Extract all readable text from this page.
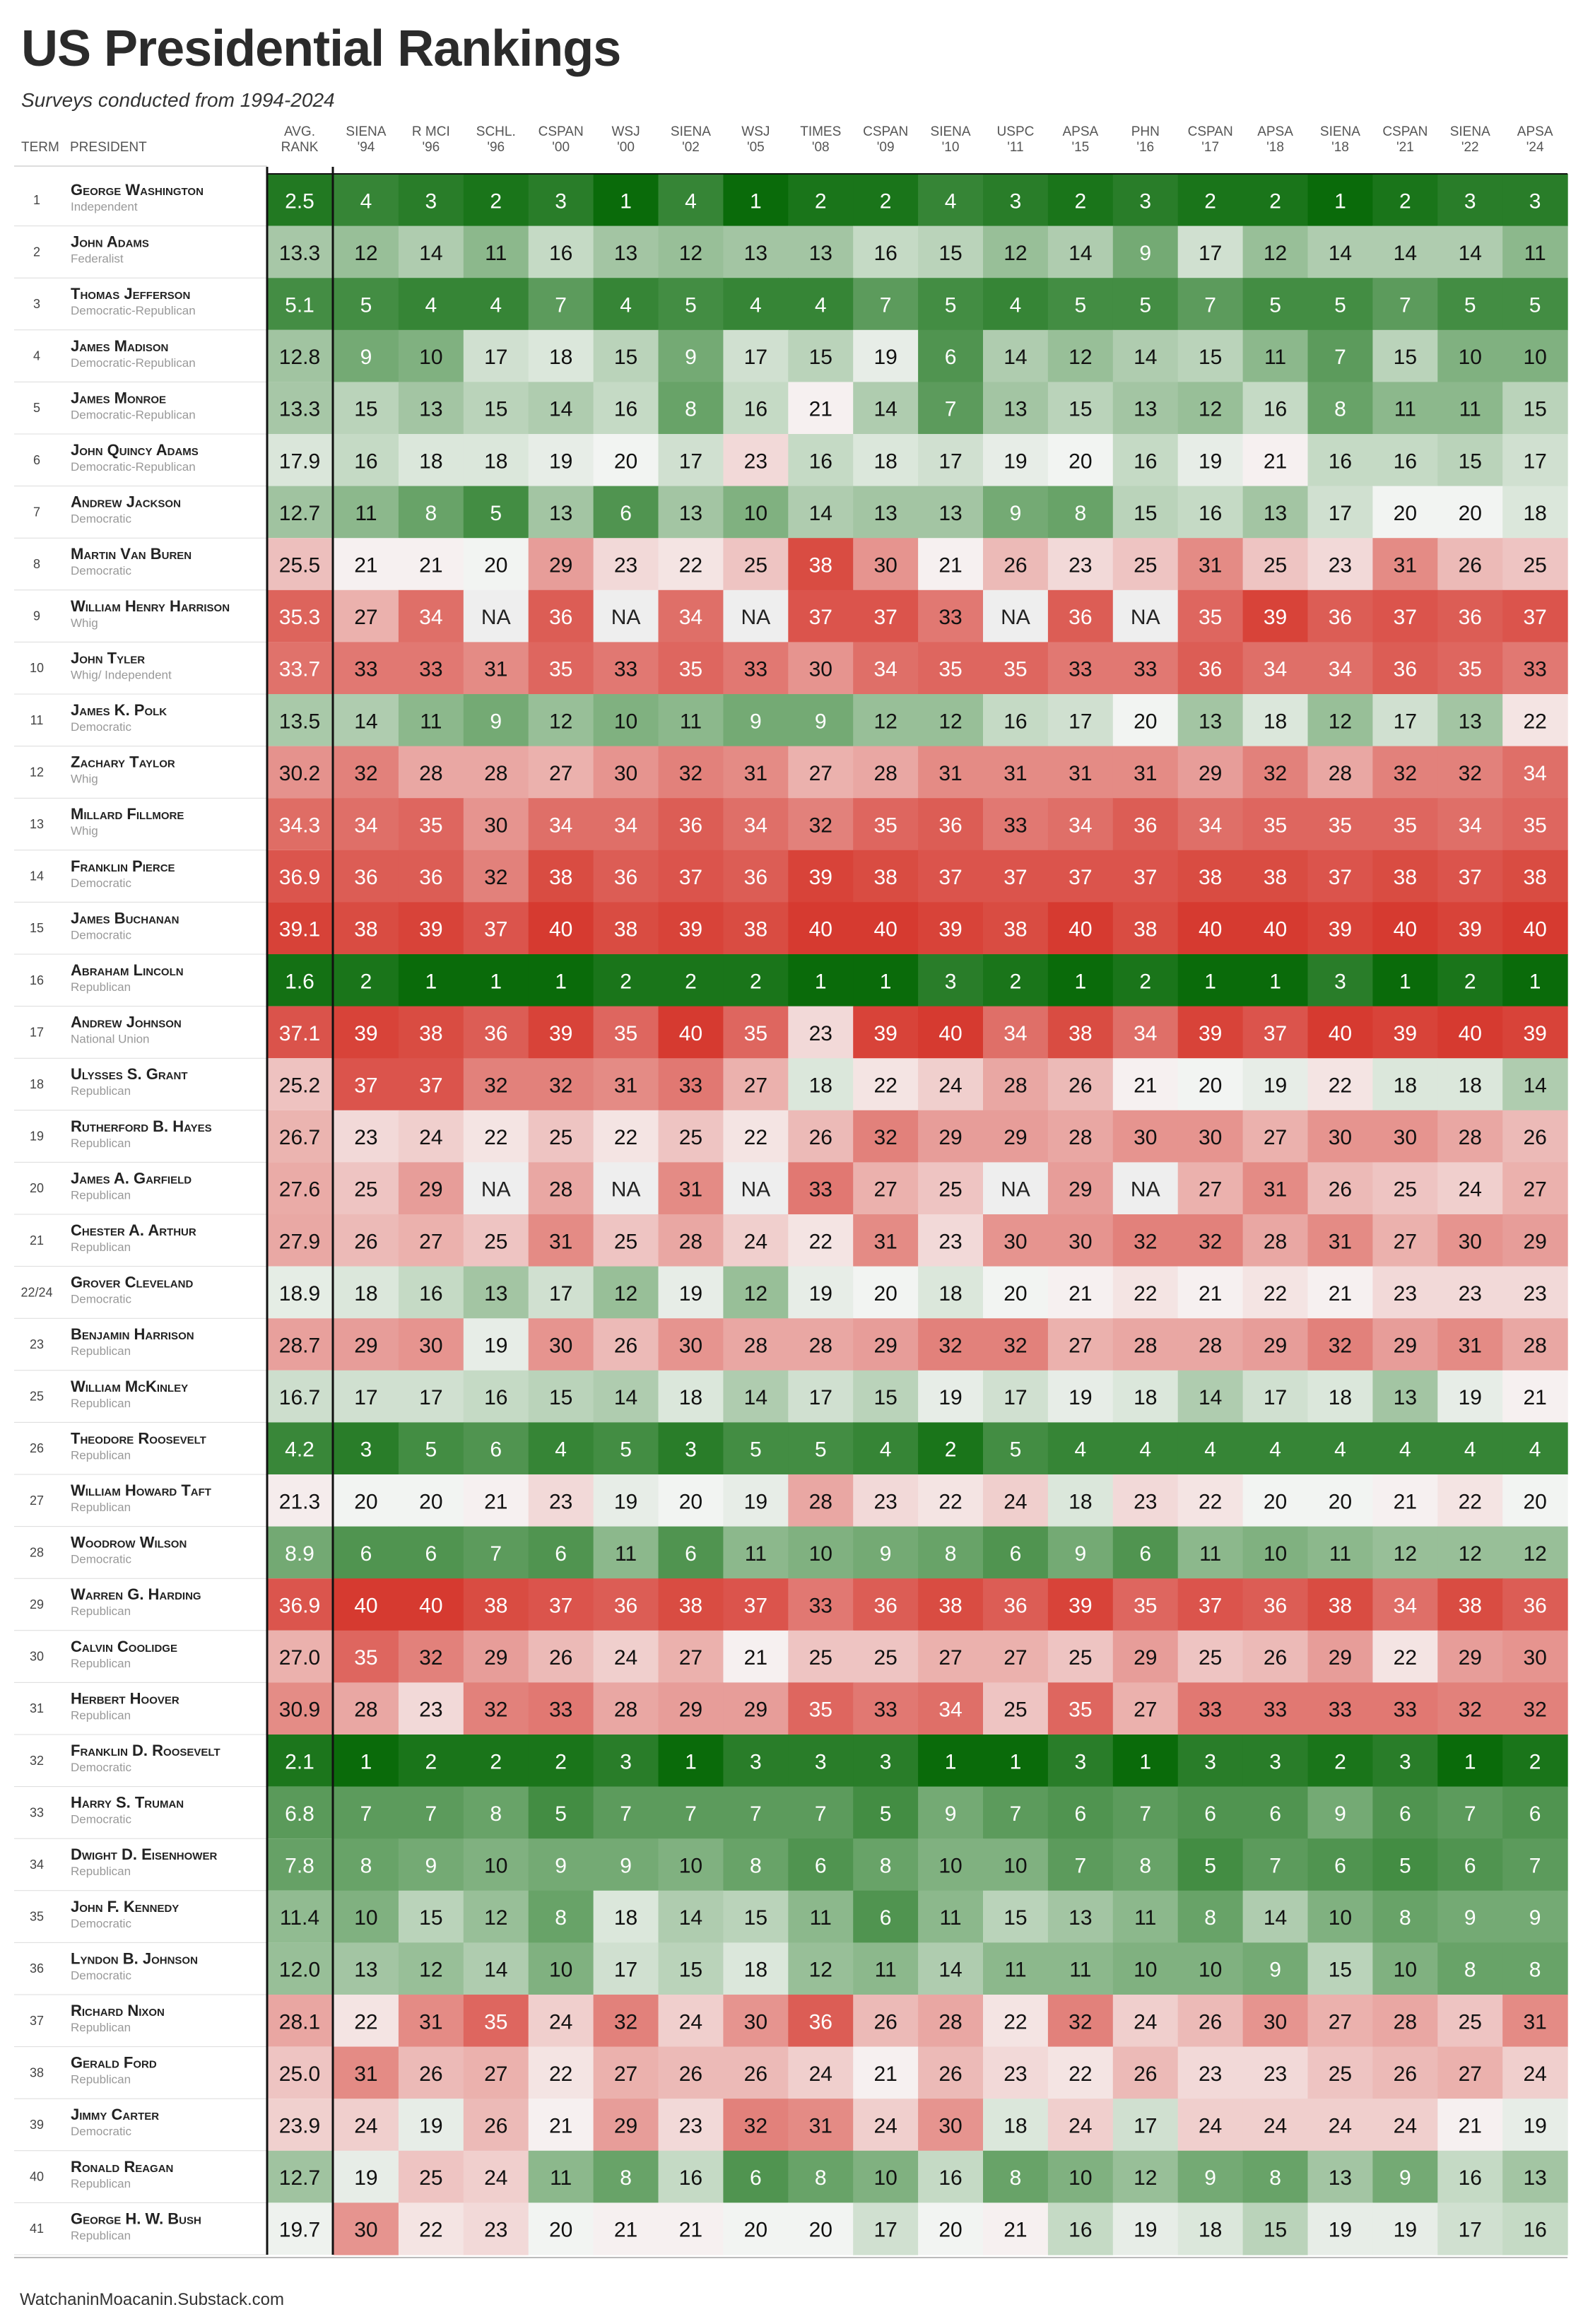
US Presidential Rankings
Surveys conducted from 1994-2024
TERM PRESIDENT
AVG.
RANK
SIENA
'94
R MCI
'96
SCHL.
'96
CSPAN
'00
WSJ
'00
SIENA
'02
WSJ
'05
TIMES
'08
CSPAN
'09
SIENA
'10
USPC
'11
APSA
'15
PHN
'16
CSPAN
'17
APSA
'18
SIENA
'18
CSPAN
'21
SIENA
'22
APSA
'24
1
George Washington
Independent	2.5 4	3	2	3	1	4	1	2	2	4	3	2	3	2	2	1	2	3	3
2
John Adams
Federalist	13.3 12 14 11 16 13 12 13 13 16 15 12 14 9 17 12 14 14 14 11
3
Thomas Jefferson
Democratic-Republican	5.1 5	4	4	7	4	5	4	4	7	5	4	5	5	7	5	5	7	5	5
4
James Madison
Democratic-Republican	12.8 9 10 17 18 15 9 17 15 19 6 14 12 14 15 11 7 15 10 10
5
James Monroe
Democratic-Republican	13.3 15 13 15 14 16 8 16 21 14 7 13 15 13 12 16 8 11 11 15
6
John Quincy Adams
Democratic-Republican	17.9 16 18 18 19 20 17 23 16 18 17 19 20 16 19 21 16 16 15 17
7
Andrew Jackson
Democratic	12.7 11 8	5 13 6 13 10 14 13 13 9	8 15 16 13 17 20 20 18
8
Martin Van Buren
Democratic	25.5 21 21 20 29 23 22 25 38 30 21 26 23 25 31 25 23 31 26 25
9
William Henry Harrison
Whig	35.3 27 34 NA 36 NA 34 NA 37 37 33 NA 36 NA 35 39 36 37 36 37
10
John Tyler
Whig/ Independent	33.7 33 33 31 35 33 35 33 30 34 35 35 33 33 36 34 34 36 35 33
11
James K. Polk
Democratic	13.5 14 11 9 12 10 11 9	9 12 12 16 17 20 13 18 12 17 13 22
12
Zachary Taylor
Whig	30.2 32 28 28 27 30 32 31 27 28 31 31 31 31 29 32 28 32 32 34
13
Millard Fillmore
Whig	34.3 34 35 30 34 34 36 34 32 35 36 33 34 36 34 35 35 35 34 35
14
Franklin Pierce
Democratic	36.9 36 36 32 38 36 37 36 39 38 37 37 37 37 38 38 37 38 37 38
15
James Buchanan
Democratic	39.1 38 39 37 40 38 39 38 40 40 39 38 40 38 40 40 39 40 39 40
16
Abraham Lincoln
Republican	1.6 2	1	1	1	2	2	2	1	1	3	2	1	2	1	1	3	1	2	1
17
Andrew Johnson
National Union	37.1 39 38 36 39 35 40 35 23 39 40 34 38 34 39 37 40 39 40 39
18
Ulysses S. Grant
Republican	25.2 37 37 32 32 31 33 27 18 22 24 28 26 21 20 19 22 18 18 14
19
Rutherford B. Hayes
Republican	26.7 23 24 22 25 22 25 22 26 32 29 29 28 30 30 27 30 30 28 26
20
James A. Garfield
Republican	27.6 25 29 NA 28 NA 31 NA 33 27 25 NA 29 NA 27 31 26 25 24 27
21
Chester A. Arthur
Republican	27.9 26 27 25 31 25 28 24 22 31 23 30 30 32 32 28 31 27 30 29
22/24
Grover Cleveland
Democratic	18.9 18 16 13 17 12 19 12 19 20 18 20 21 22 21 22 21 23 23 23
23
Benjamin Harrison
Republican	28.7 29 30 19 30 26 30 28 28 29 32 32 27 28 28 29 32 29 31 28
25
William McKinley
Republican	16.7 17 17 16 15 14 18 14 17 15 19 17 19 18 14 17 18 13 19 21
26
Theodore Roosevelt
Republican	4.2 3	5	6	4	5	3	5	5	4	2	5	4	4	4	4	4	4	4	4
27
William Howard Taft
Republican	21.3 20 20 21 23 19 20 19 28 23 22 24 18 23 22 20 20 21 22 20
28
Woodrow Wilson
Democratic	8.9 6	6	7	6 11 6 11 10 9	8	6	9	6 11 10 11 12 12 12
29
Warren G. Harding
Republican	36.9 40 40 38 37 36 38 37 33 36 38 36 39 35 37 36 38 34 38 36
30
Calvin Coolidge
Republican	27.0 35 32 29 26 24 27 21 25 25 27 27 25 29 25 26 29 22 29 30
31
Herbert Hoover
Republican	30.9 28 23 32 33 28 29 29 35 33 34 25 35 27 33 33 33 33 32 32
32
Franklin D. Roosevelt
Democratic	2.1 1	2	2	2	3	1	3	3	3	1	1	3	1	3	3	2	3	1	2
33
Harry S. Truman
Democratic	6.8 7	7	8	5	7	7	7	7	5	9	7	6	7	6	6	9	6	7	6
34
Dwight D. Eisenhower
Republican	7.8 8	9 10 9	9 10 8	6	8 10 10 7	8	5	7	6	5	6	7
35
John F. Kennedy
Democratic	11.4 10 15 12 8 18 14 15 11 6 11 15 13 11 8 14 10 8	9	9
36
Lyndon B. Johnson
Democratic	12.0 13 12 14 10 17 15 18 12 11 14 11 11 10 10 9 15 10 8	8
37
Richard Nixon
Republican	28.1 22 31 35 24 32 24 30 36 26 28 22 32 24 26 30 27 28 25 31
38
Gerald Ford
Republican	25.0 31 26 27 22 27 26 26 24 21 26 23 22 26 23 23 25 26 27 24
39
Jimmy Carter
Democratic	23.9 24 19 26 21 29 23 32 31 24 30 18 24 17 24 24 24 24 21 19
40
Ronald Reagan
Republican	12.7 19 25 24 11 8 16 6	8 10 16 8 10 12 9	8 13 9 16 13
41
George H. W. Bush
Republican	19.7 30 22 23 20 21 21 20 20 17 20 21 16 19 18 15 19 19 17 16
WatchaninMoacanin.Substack.com
